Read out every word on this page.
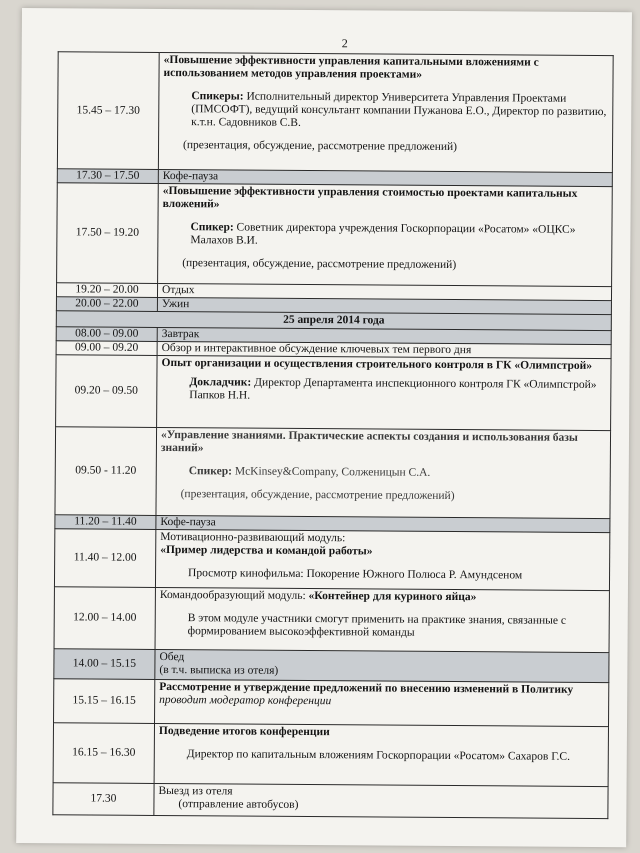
2
15.45 – 17.30	«Повышение эффективности управления капитальными вложениями с использованием методов управления проектами»
Спикеры: Исполнительный директор Университета Управления Проектами (ПМСОФТ), ведущий консультант компании Пужанова Е.О., Директор по развитию, к.т.н. Садовников С.В.
(презентация, обсуждение, рассмотрение предложений)

17.30 – 17.50	Кофе-пауза
17.50 – 19.20	«Повышение эффективности управления стоимостью проектами капитальных вложений»
Спикер: Советник директора учреждения Госкорпорации «Росатом» «ОЦКС» Малахов В.И.
(презентация, обсуждение, рассмотрение предложений)

19.20 – 20.00	Отдых
20.00 – 22.00	Ужин
25 апреля 2014 года	
08.00 – 09.00	Завтрак
09.00 – 09.20	Обзор и интерактивное обсуждение ключевых тем первого дня
09.20 – 09.50	Опыт организации и осуществления строительного контроля в ГК «Олимпстрой»
Докладчик: Директор Департамента инспекционного контроля ГК «Олимпстрой» Папков Н.Н.

09.50 - 11.20	«Управление знаниями. Практические аспекты создания и использования базы знаний»
Спикер: McKinsey&Company, Солженицын С.А.
(презентация, обсуждение, рассмотрение предложений)

11.20 – 11.40	Кофе-пауза
11.40 – 12.00	Мотивационно-развивающий модуль:
«Пример лидерства и командой работы»
Просмотр кинофильма: Покорение Южного Полюса Р. Амундсеном

12.00 – 14.00	Командообразующий модуль: «Контейнер для куриного яйца»
В этом модуле участники смогут применить на практике знания, связанные с формированием высокоэффективной команды

14.00 – 15.15	Обед
(в т.ч. выписка из отеля)

15.15 – 16.15	Рассмотрение и утверждение предложений по внесению изменений в Политику
проводит модератор конференции

16.15 – 16.30	Подведение итогов конференции
Директор по капитальным вложениям Госкорпорации «Росатом» Сахаров Г.С.

17.30	Выезд из отеля
(отправление автобусов)
